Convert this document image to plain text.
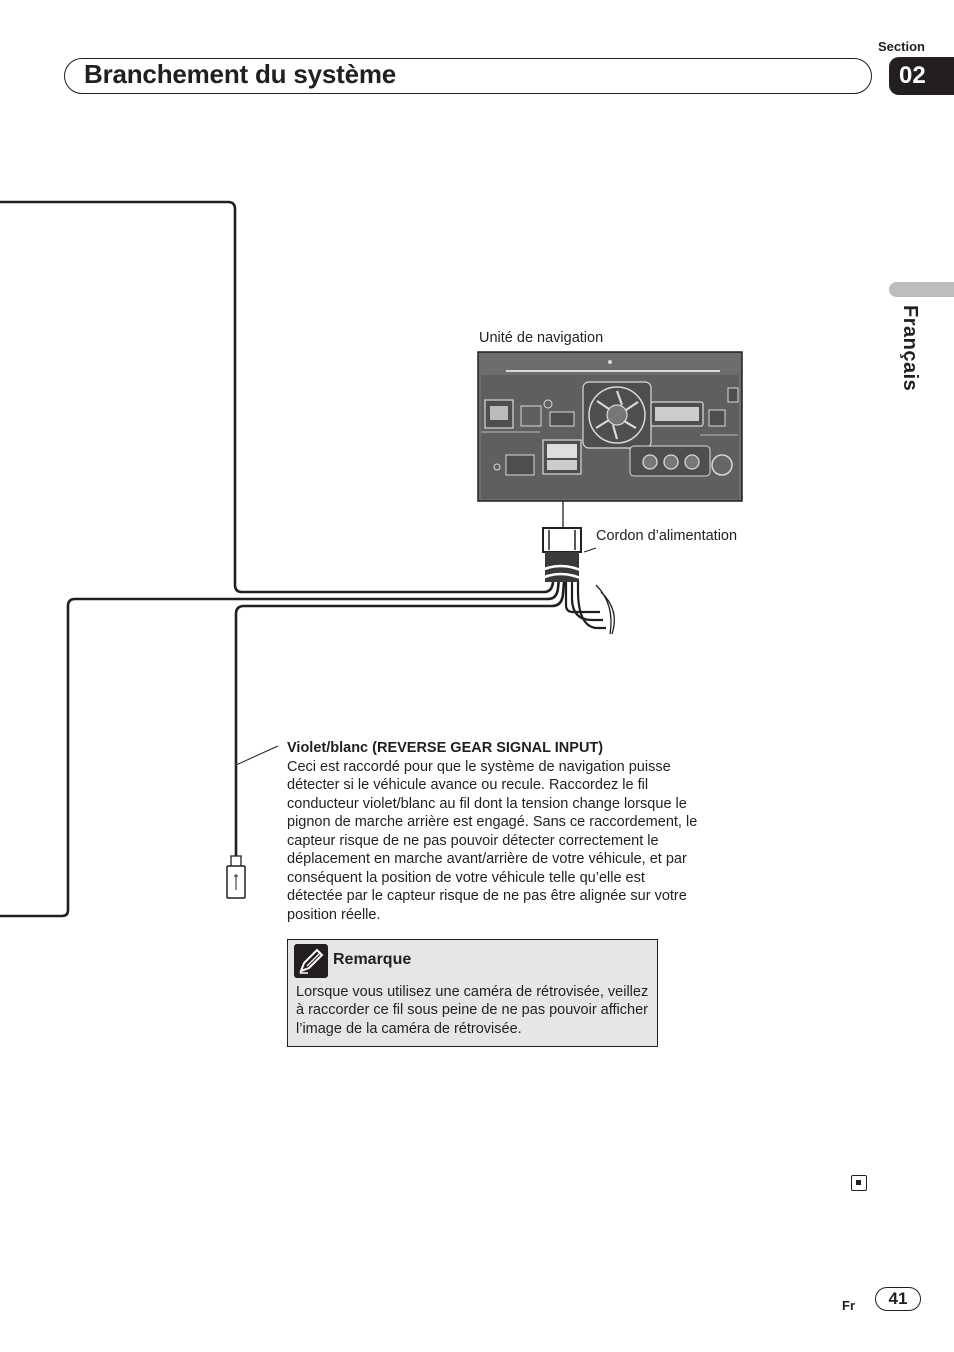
Branchement du système
Section
02
Français
Unité de navigation
Cordon d’alimentation
Violet/blanc (REVERSE GEAR SIGNAL INPUT)
Ceci est raccordé pour que le système de navigation puisse détecter si le véhicule avance ou recule. Raccordez le fil conducteur violet/blanc au fil dont la tension change lorsque le pignon de marche arrière est engagé. Sans ce raccordement, le capteur risque de ne pas pouvoir détecter correctement le déplacement en marche avant/arrière de votre véhicule, et par conséquent la position de votre véhicule telle qu’elle est détectée par le capteur risque de ne pas être alignée sur votre position réelle.
Remarque
Lorsque vous utilisez une caméra de rétrovisée, veillez à raccorder ce fil sous peine de ne pas pouvoir afficher l’image de la caméra de rétrovisée.
Fr	41
